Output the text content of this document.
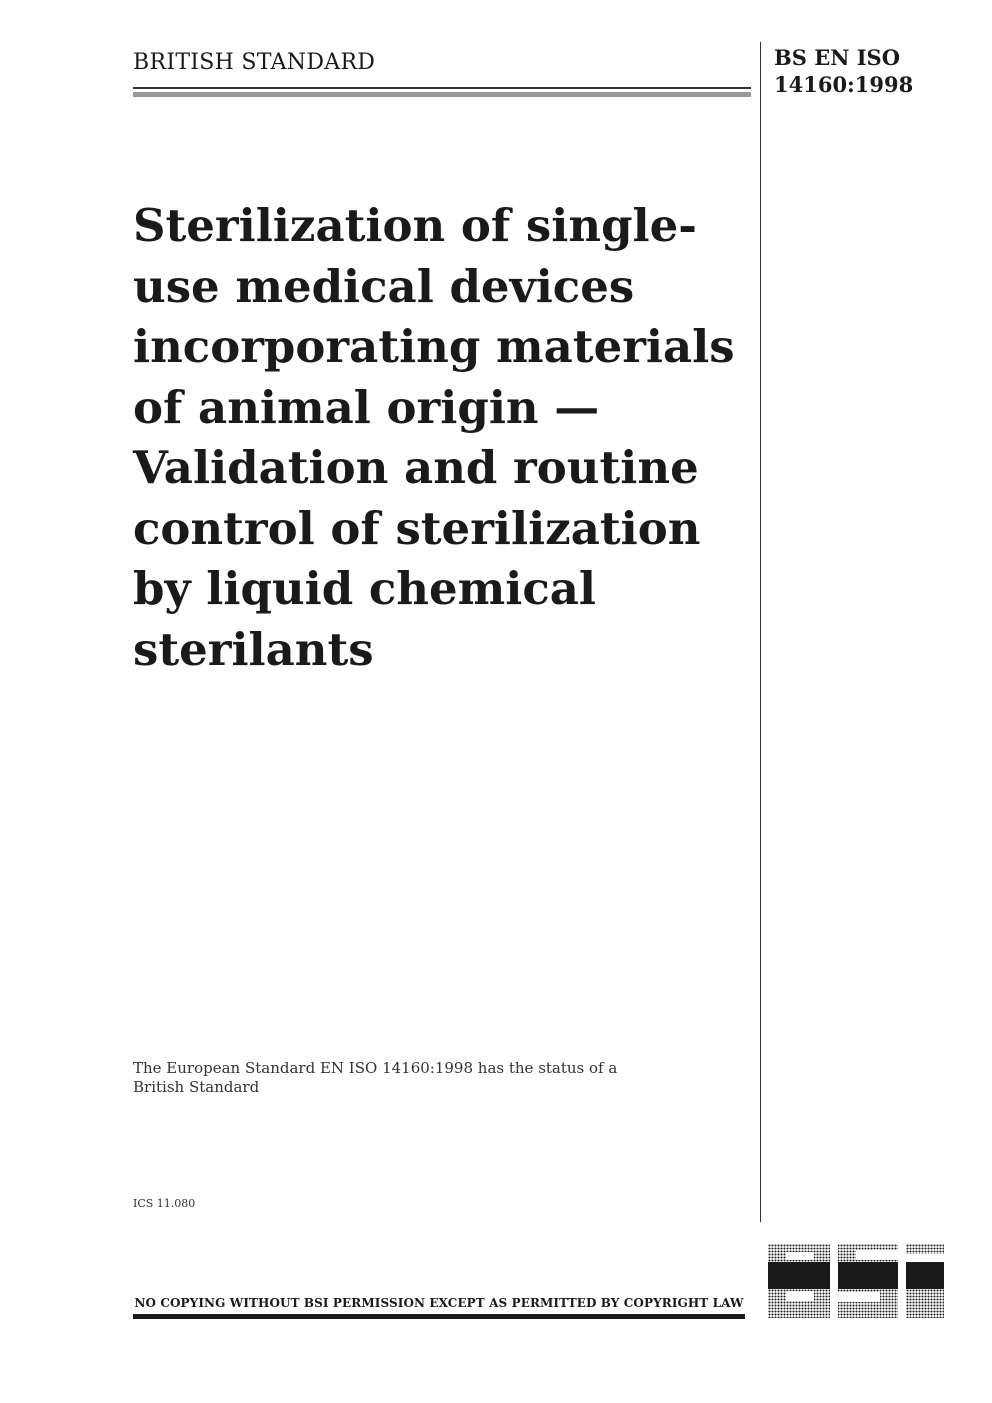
BRITISH STANDARD	BS EN ISO
14160:1998
Sterilization of single-use medical devices incorporating materials of animal origin — Validation and routine control of sterilization by liquid chemical sterilants
The European Standard EN ISO 14160:1998 has the status of a British Standard
ICS 11.080
NO COPYING WITHOUT BSI PERMISSION EXCEPT AS PERMITTED BY COPYRIGHT LAW
